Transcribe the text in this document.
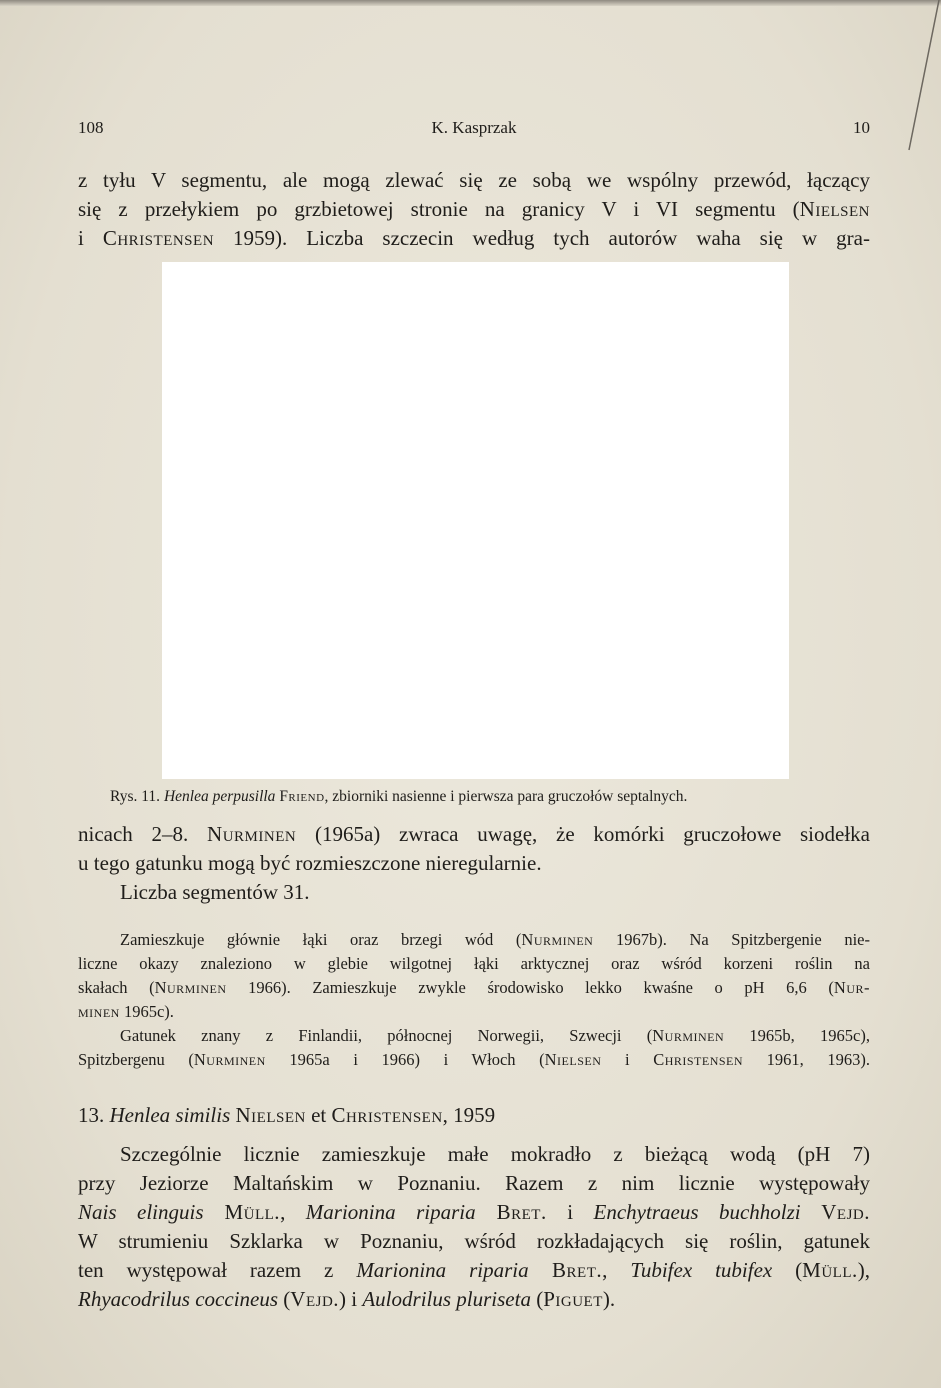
108	K. Kasprzak	10
z tyłu V segmentu, ale mogą zlewać się ze sobą we wspólny przewód, łączący
się z przełykiem po grzbietowej stronie na granicy V i VI segmentu (Nielsen
i Christensen 1959). Liczba szczecin według tych autorów waha się w gra-
Rys. 11. Henlea perpusilla Friend, zbiorniki nasienne i pierwsza para gruczołów septalnych.
nicach 2–8. Nurminen (1965a) zwraca uwagę, że komórki gruczołowe siodełka
u tego gatunku mogą być rozmieszczone nieregularnie.
Liczba segmentów 31.
Zamieszkuje głównie łąki oraz brzegi wód (Nurminen 1967b). Na Spitzbergenie nie-
liczne okazy znaleziono w glebie wilgotnej łąki arktycznej oraz wśród korzeni roślin na
skałach (Nurminen 1966). Zamieszkuje zwykle środowisko lekko kwaśne o pH 6,6 (Nur-
minen 1965c).
Gatunek znany z Finlandii, północnej Norwegii, Szwecji (Nurminen 1965b, 1965c),
Spitzbergenu (Nurminen 1965a i 1966) i Włoch (Nielsen i Christensen 1961, 1963).
13. Henlea similis Nielsen et Christensen, 1959
Szczególnie licznie zamieszkuje małe mokradło z bieżącą wodą (pH 7)
przy Jeziorze Maltańskim w Poznaniu. Razem z nim licznie występowały
Nais elinguis Müll., Marionina riparia Bret. i Enchytraeus buchholzi Vejd.
W strumieniu Szklarka w Poznaniu, wśród rozkładających się roślin, gatunek
ten występował razem z Marionina riparia Bret., Tubifex tubifex (Müll.),
Rhyacodrilus coccineus (Vejd.) i Aulodrilus pluriseta (Piguet).
